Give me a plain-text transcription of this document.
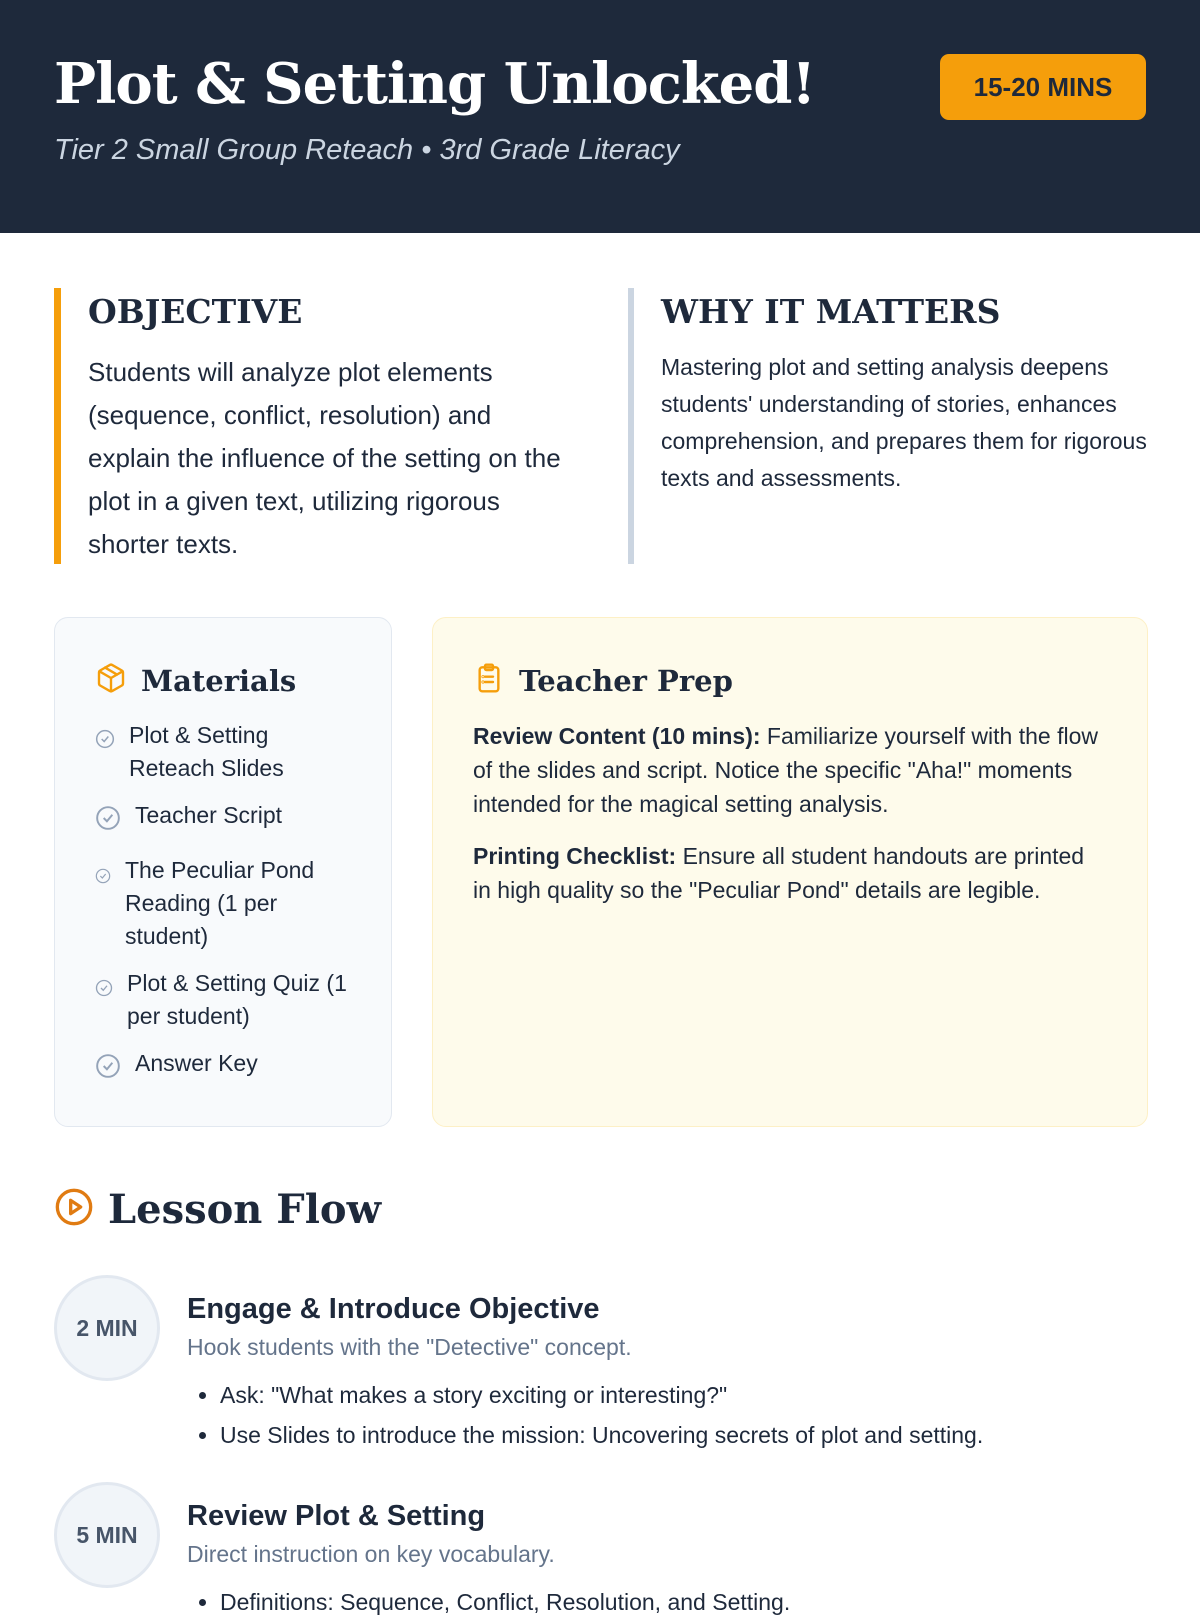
Plot & Setting Unlocked!
Tier 2 Small Group Reteach • 3rd Grade Literacy
15-20 MINS
OBJECTIVE

Students will analyze plot elements (sequence, conflict, resolution) and explain the influence of the setting on the plot in a given text, utilizing rigorous shorter texts.

WHY IT MATTERS

Mastering plot and setting analysis deepens students' understanding of stories, enhances comprehension, and prepares them for rigorous texts and assessments.

Materials
Plot & Setting Reteach Slides
Teacher Script
The Peculiar Pond Reading (1 per student)
Plot & Setting Quiz (1 per student)
Answer Key
Teacher Prep

Review Content (10 mins): Familiarize yourself with the flow of the slides and script. Notice the specific "Aha!" moments intended for the magical setting analysis.

Printing Checklist: Ensure all student handouts are printed in high quality so the "Peculiar Pond" details are legible.

Lesson Flow
2 MIN
Engage & Introduce Objective
Hook students with the "Detective" concept.
• Ask: "What makes a story exciting or interesting?"
• Use Slides to introduce the mission: Uncovering secrets of plot and setting.
5 MIN
Review Plot & Setting
Direct instruction on key vocabulary.
• Definitions: Sequence, Conflict, Resolution, and Setting.
